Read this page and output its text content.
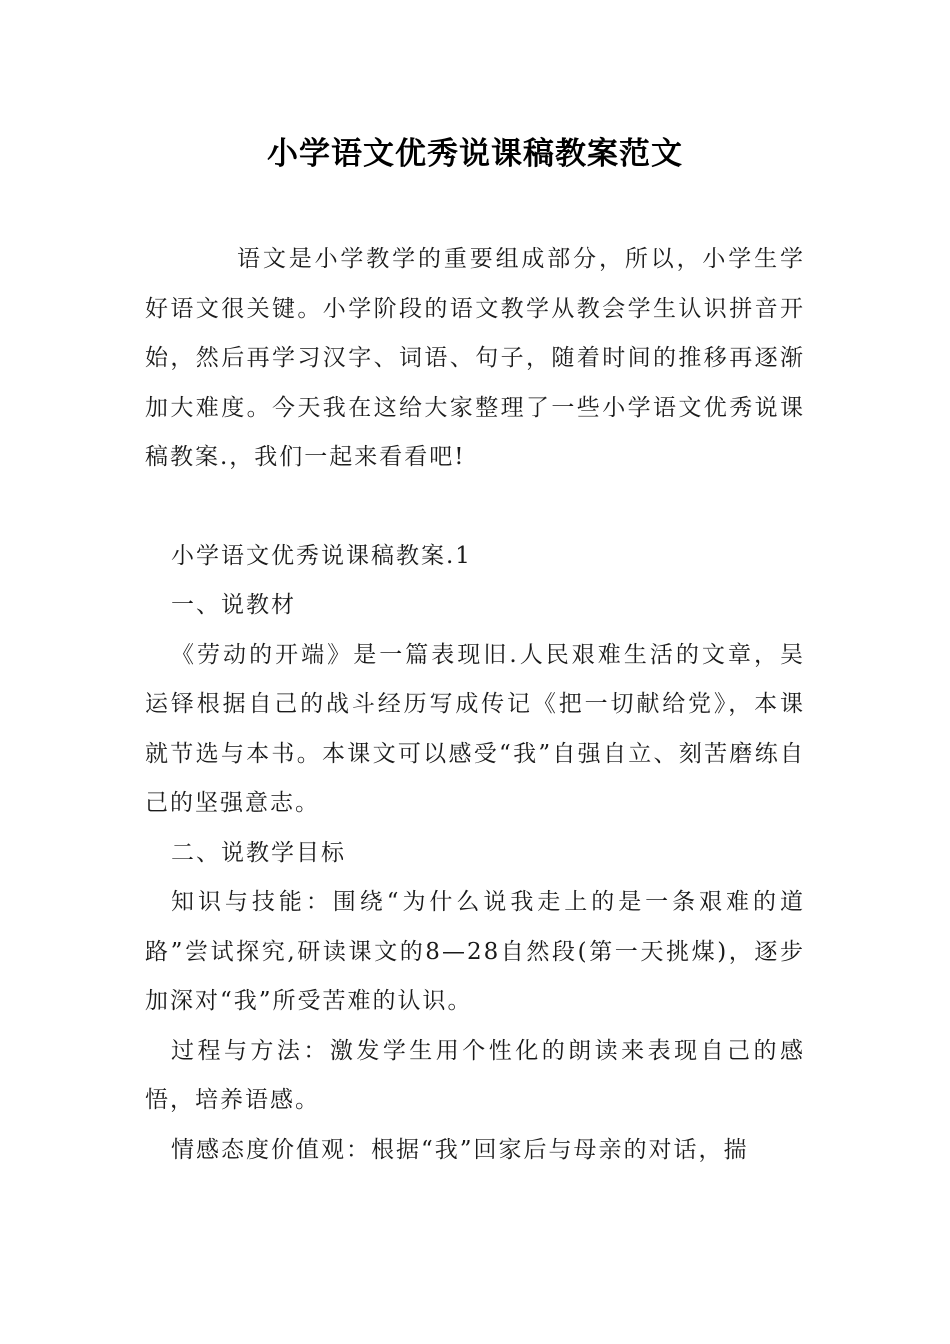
小学语文优秀说课稿教案范文

语文是小学教学的重要组成部分，所以，小学生学好语文很关键。小学阶段的语文教学从教会学生认识拼音开始，然后再学习汉字、词语、句子，随着时间的推移再逐渐加大难度。今天我在这给大家整理了一些小学语文优秀说课稿教案.，我们一起来看看吧!

小学语文优秀说课稿教案.1

一、说教材

《劳动的开端》是一篇表现旧.人民艰难生活的文章，吴运铎根据自己的战斗经历写成传记《把一切献给党》，本课就节选与本书。本课文可以感受“我”自强自立、刻苦磨练自己的坚强意志。

二、说教学目标

知识与技能：围绕“为什么说我走上的是一条艰难的道路”尝试探究,研读课文的8—28自然段(第一天挑煤)，逐步加深对“我”所受苦难的认识。

过程与方法：激发学生用个性化的朗读来表现自己的感悟，培养语感。

情感态度价值观：根据“我”回家后与母亲的对话，揣
